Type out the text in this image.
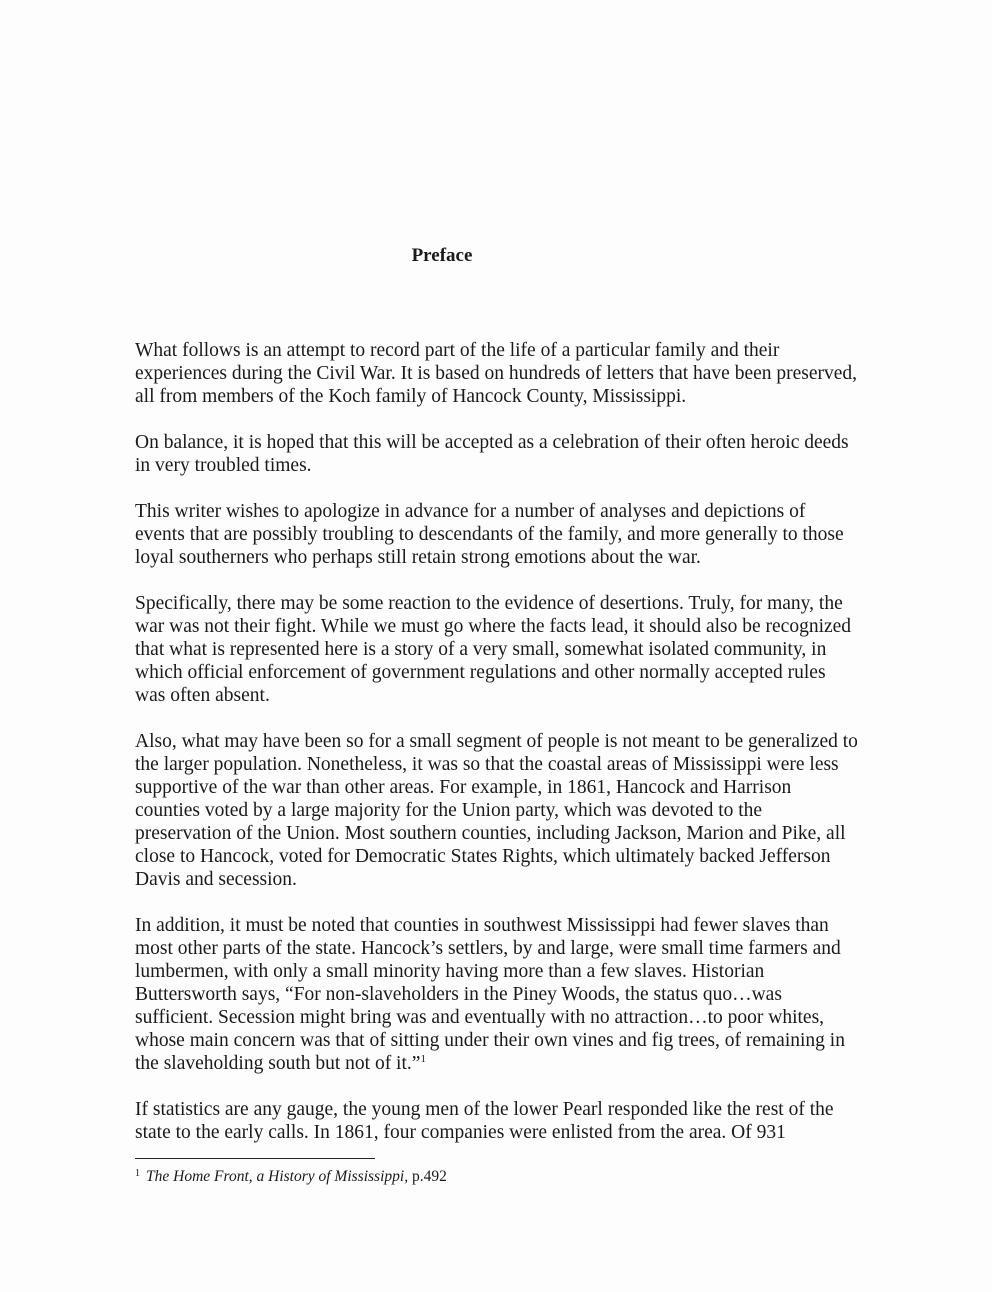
Preface

What follows is an attempt to record part of the life of a particular family and their experiences during the Civil War. It is based on hundreds of letters that have been preserved, all from members of the Koch family of Hancock County, Mississippi.

On balance, it is hoped that this will be accepted as a celebration of their often heroic deeds in very troubled times.

This writer wishes to apologize in advance for a number of analyses and depictions of events that are possibly troubling to descendants of the family, and more generally to those loyal southerners who perhaps still retain strong emotions about the war.

Specifically, there may be some reaction to the evidence of desertions. Truly, for many, the war was not their fight. While we must go where the facts lead, it should also be recognized that what is represented here is a story of a very small, somewhat isolated community, in which official enforcement of government regulations and other normally accepted rules was often absent.

Also, what may have been so for a small segment of people is not meant to be generalized to the larger population. Nonetheless, it was so that the coastal areas of Mississippi were less supportive of the war than other areas. For example, in 1861, Hancock and Harrison counties voted by a large majority for the Union party, which was devoted to the preservation of the Union. Most southern counties, including Jackson, Marion and Pike, all close to Hancock, voted for Democratic States Rights, which ultimately backed Jefferson Davis and secession.

In addition, it must be noted that counties in southwest Mississippi had fewer slaves than most other parts of the state. Hancock’s settlers, by and large, were small time farmers and lumbermen, with only a small minority having more than a few slaves. Historian Buttersworth says, “For non-slaveholders in the Piney Woods, the status quo…was sufficient. Secession might bring was and eventually with no attraction…to poor whites, whose main concern was that of sitting under their own vines and fig trees, of remaining in the slaveholding south but not of it.”$^1$

If statistics are any gauge, the young men of the lower Pearl responded like the rest of the state to the early calls. In 1861, four companies were enlisted from the area. Of 931

$^1$ The Home Front, a History of Mississippi, p.492
